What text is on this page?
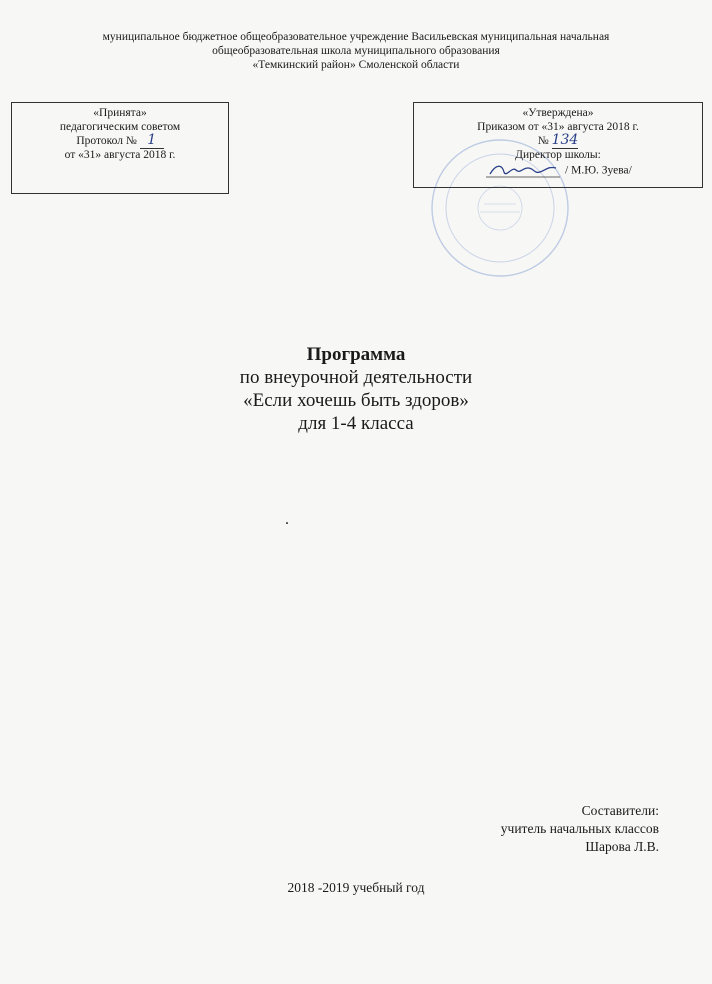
муниципальное бюджетное общеобразовательное учреждение Васильевская муниципальная начальная
общеобразовательная школа муниципального образования
«Темкинский район» Смоленской области
«Принята»
педагогическим советом
Протокол № 1
от «31» августа 2018 г.
«Утверждена»
Приказом от «31» августа 2018 г.
№ 134
Директор школы:
/ М.Ю. Зуева/
Программа
по внеурочной деятельности
«Если хочешь быть здоров»
для 1-4 класса
.
Составители:
учитель начальных классов
Шарова Л.В.
2018 -2019 учебный год
